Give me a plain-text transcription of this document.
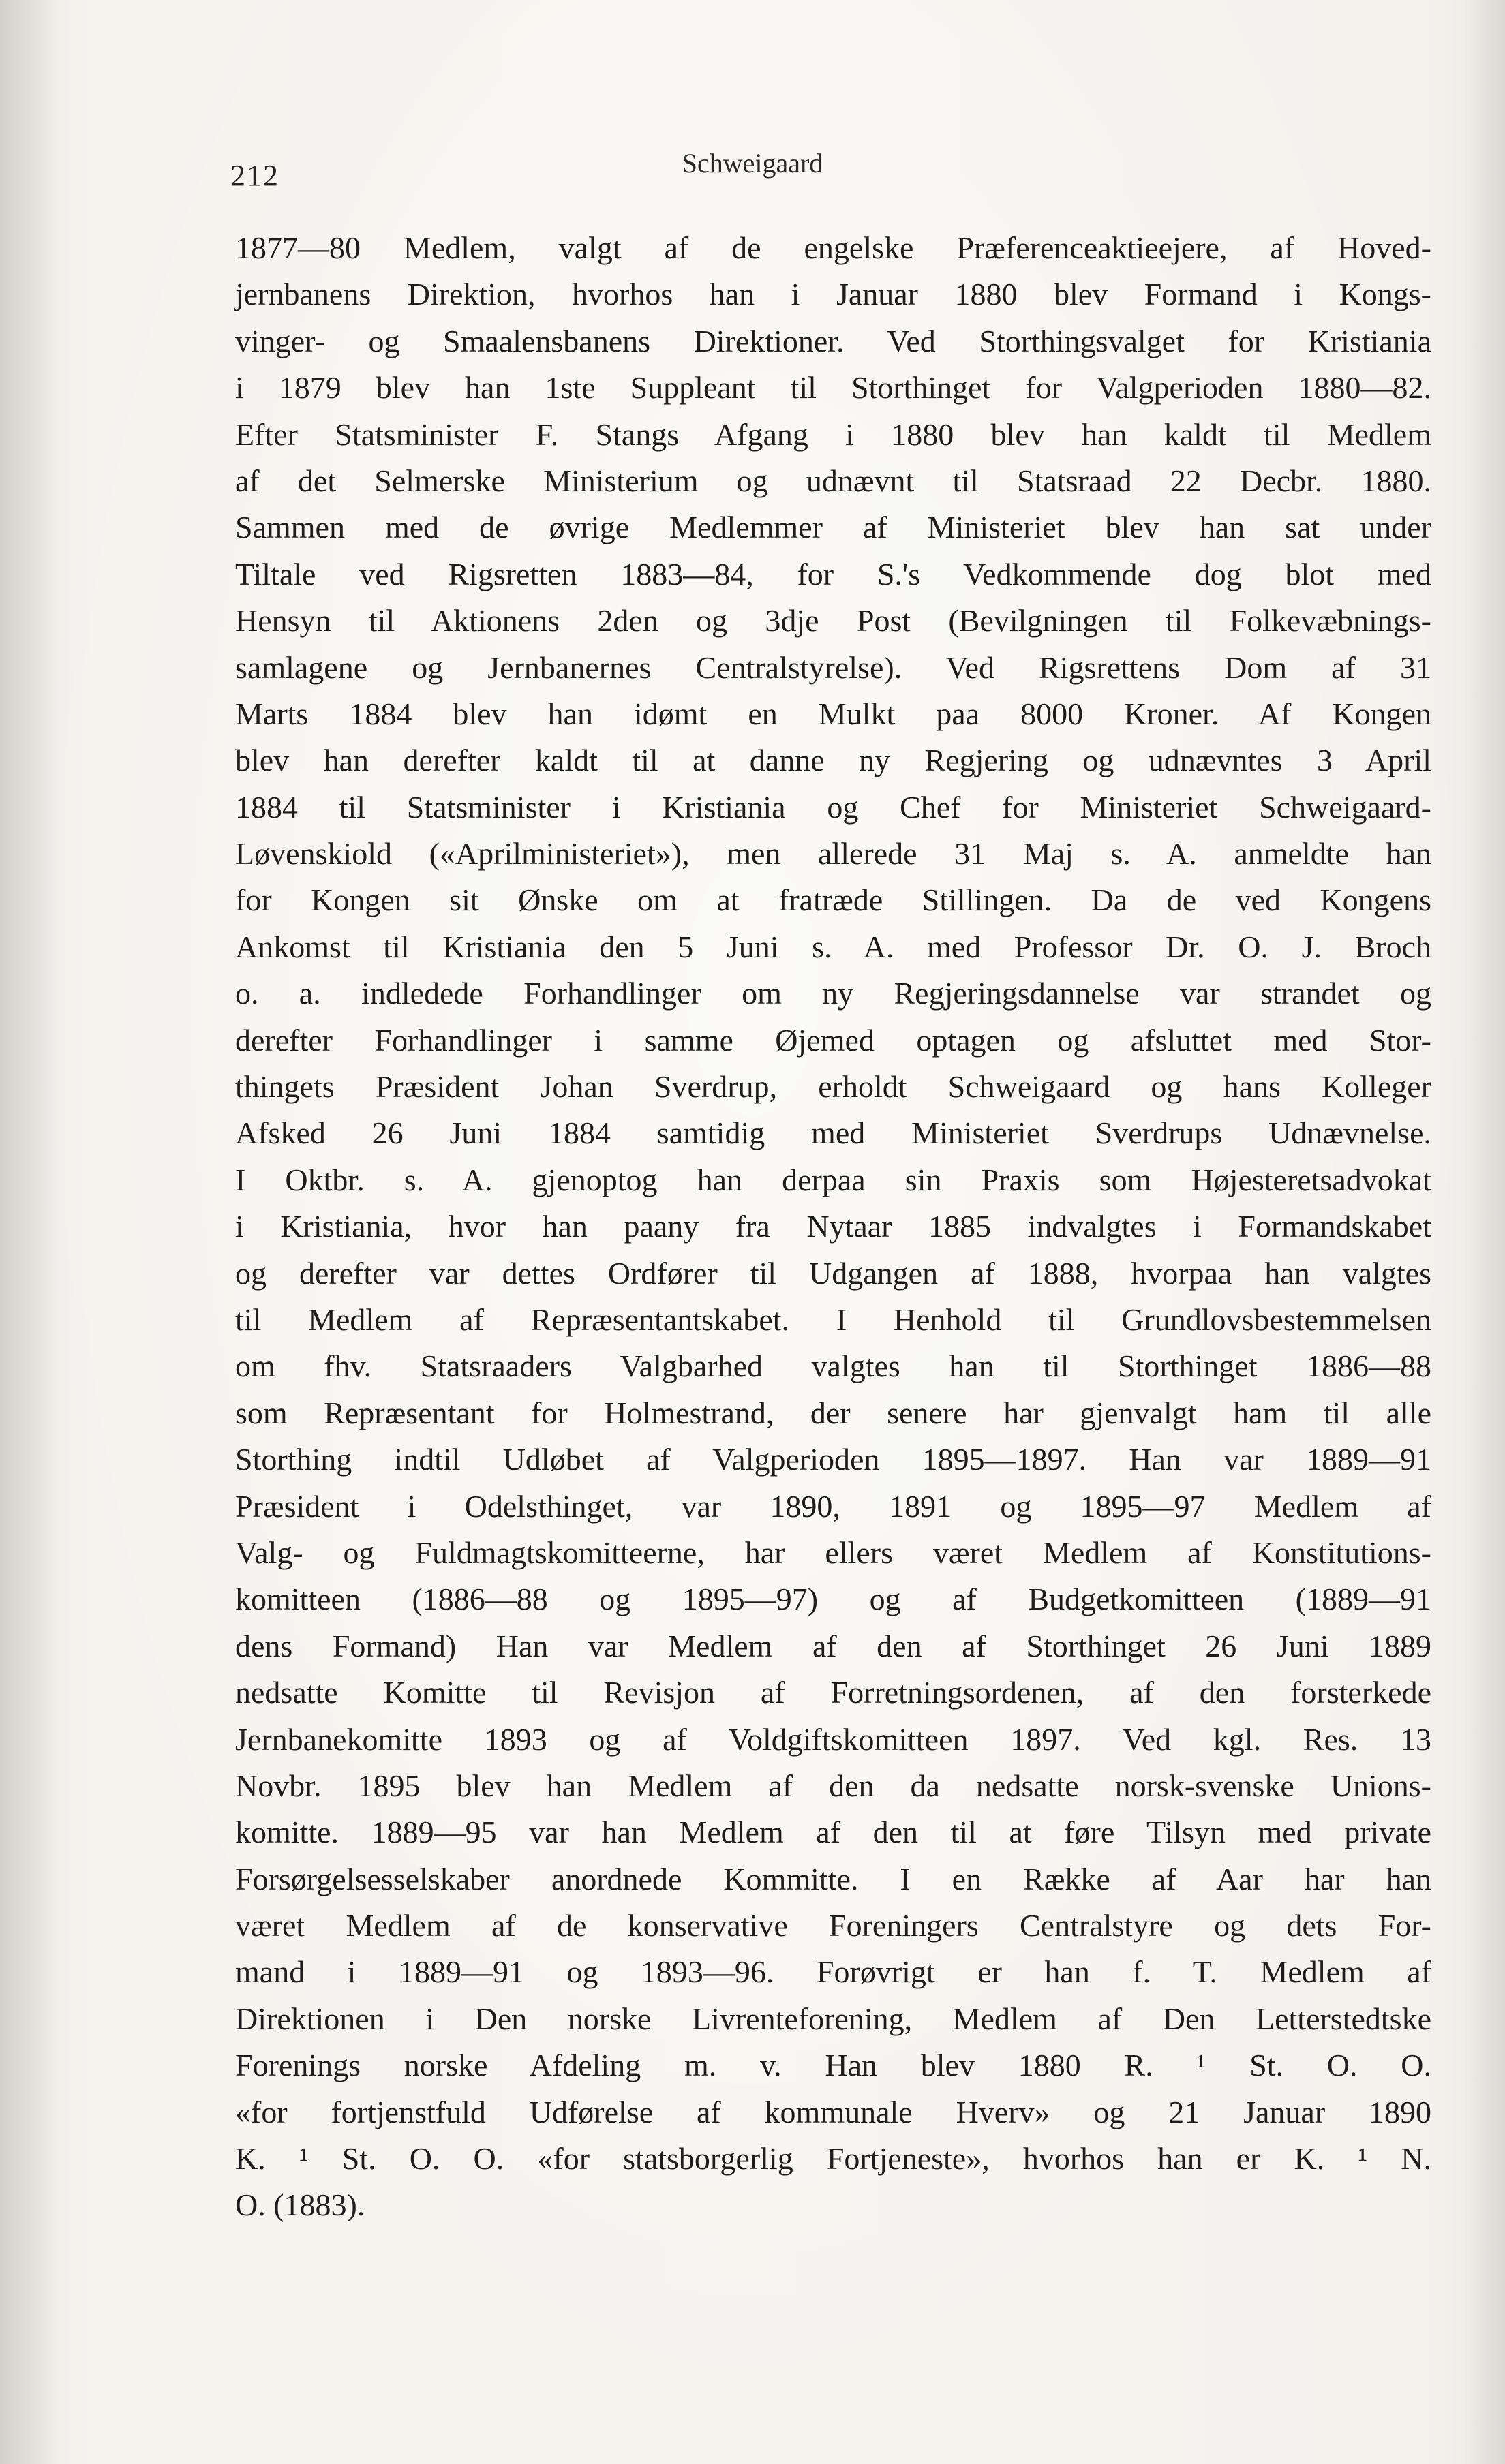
212	Schweigaard
1877—80 Medlem, valgt af de engelske Præferenceaktieejere, af Hoved-
jernbanens Direktion, hvorhos han i Januar 1880 blev Formand i Kongs-
vinger- og Smaalensbanens Direktioner. Ved Storthingsvalget for Kristiania
i 1879 blev han 1ste Suppleant til Storthinget for Valgperioden 1880—82.
Efter Statsminister F. Stangs Afgang i 1880 blev han kaldt til Medlem
af det Selmerske Ministerium og udnævnt til Statsraad 22 Decbr. 1880.
Sammen med de øvrige Medlemmer af Ministeriet blev han sat under
Tiltale ved Rigsretten 1883—84, for S.'s Vedkommende dog blot med
Hensyn til Aktionens 2den og 3dje Post (Bevilgningen til Folkevæbnings-
samlagene og Jernbanernes Centralstyrelse). Ved Rigsrettens Dom af 31
Marts 1884 blev han idømt en Mulkt paa 8000 Kroner. Af Kongen
blev han derefter kaldt til at danne ny Regjering og udnævntes 3 April
1884 til Statsminister i Kristiania og Chef for Ministeriet Schweigaard-
Løvenskiold («Aprilministeriet»), men allerede 31 Maj s. A. anmeldte han
for Kongen sit Ønske om at fratræde Stillingen. Da de ved Kongens
Ankomst til Kristiania den 5 Juni s. A. med Professor Dr. O. J. Broch
o. a. indledede Forhandlinger om ny Regjeringsdannelse var strandet og
derefter Forhandlinger i samme Øjemed optagen og afsluttet med Stor-
thingets Præsident Johan Sverdrup, erholdt Schweigaard og hans Kolleger
Afsked 26 Juni 1884 samtidig med Ministeriet Sverdrups Udnævnelse.
I Oktbr. s. A. gjenoptog han derpaa sin Praxis som Højesteretsadvokat
i Kristiania, hvor han paany fra Nytaar 1885 indvalgtes i Formandskabet
og derefter var dettes Ordfører til Udgangen af 1888, hvorpaa han valgtes
til Medlem af Repræsentantskabet. I Henhold til Grundlovsbestemmelsen
om fhv. Statsraaders Valgbarhed valgtes han til Storthinget 1886—88
som Repræsentant for Holmestrand, der senere har gjenvalgt ham til alle
Storthing indtil Udløbet af Valgperioden 1895—1897. Han var 1889—91
Præsident i Odelsthinget, var 1890, 1891 og 1895—97 Medlem af
Valg- og Fuldmagtskomitteerne, har ellers været Medlem af Konstitutions-
komitteen (1886—88 og 1895—97) og af Budgetkomitteen (1889—91
dens Formand) Han var Medlem af den af Storthinget 26 Juni 1889
nedsatte Komitte til Revisjon af Forretningsordenen, af den forsterkede
Jernbanekomitte 1893 og af Voldgiftskomitteen 1897. Ved kgl. Res. 13
Novbr. 1895 blev han Medlem af den da nedsatte norsk-svenske Unions-
komitte. 1889—95 var han Medlem af den til at føre Tilsyn med private
Forsørgelsesselskaber anordnede Kommitte. I en Række af Aar har han
været Medlem af de konservative Foreningers Centralstyre og dets For-
mand i 1889—91 og 1893—96. Forøvrigt er han f. T. Medlem af
Direktionen i Den norske Livrenteforening, Medlem af Den Letterstedtske
Forenings norske Afdeling m. v. Han blev 1880 R. ¹ St. O. O.
«for fortjenstfuld Udførelse af kommunale Hverv» og 21 Januar 1890
K. ¹ St. O. O. «for statsborgerlig Fortjeneste», hvorhos han er K. ¹ N.
O. (1883).
